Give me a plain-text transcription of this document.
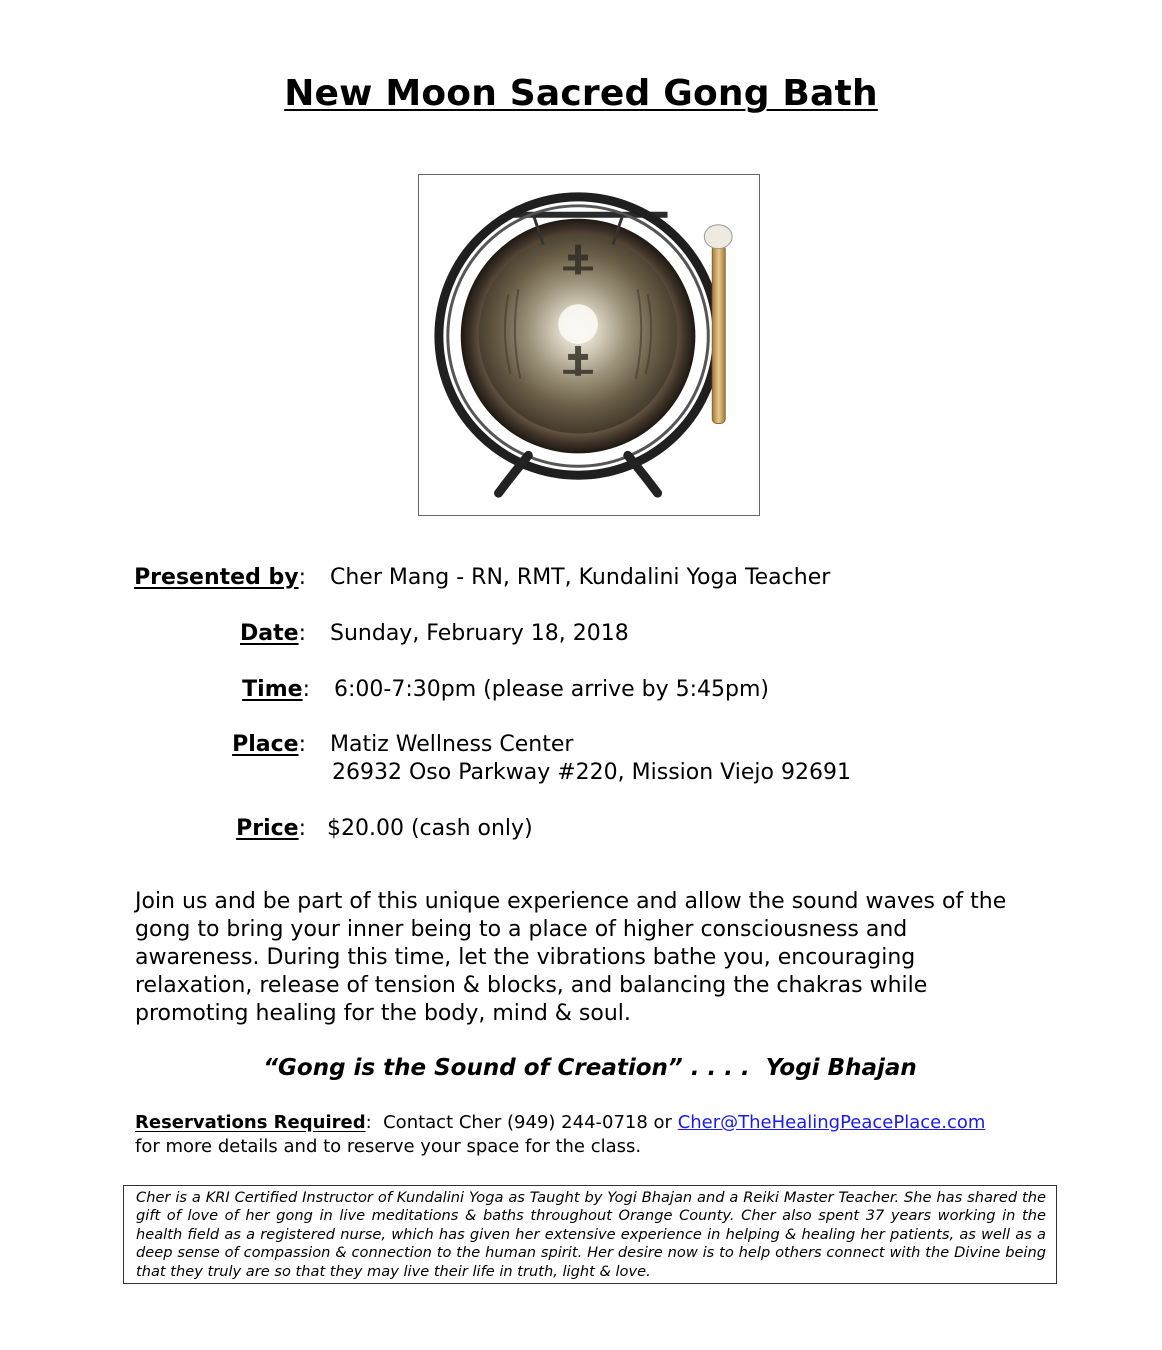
New Moon Sacred Gong Bath
Presented by: Cher Mang - RN, RMT, Kundalini Yoga Teacher
Date: Sunday, February 18, 2018
Time: 6:00-7:30pm (please arrive by 5:45pm)
Place: Matiz Wellness Center
26932 Oso Parkway #220, Mission Viejo 92691
Price: $20.00 (cash only)

Join us and be part of this unique experience and allow the sound waves of the gong to bring your inner being to a place of higher consciousness and awareness. During this time, let the vibrations bathe you, encouraging relaxation, release of tension & blocks, and balancing the chakras while promoting healing for the body, mind & soul.

“Gong is the Sound of Creation” . . . .  Yogi Bhajan

Reservations Required:  Contact Cher (949) 244-0718 or Cher@TheHealingPeacePlace.com
for more details and to reserve your space for the class.

Cher is a KRI Certified Instructor of Kundalini Yoga as Taught by Yogi Bhajan and a Reiki Master Teacher. She has shared the gift of love of her gong in live meditations & baths throughout Orange County. Cher also spent 37 years working in the health field as a registered nurse, which has given her extensive experience in helping & healing her patients, as well as a deep sense of compassion & connection to the human spirit. Her desire now is to help others connect with the Divine being that they truly are so that they may live their life in truth, light & love.
